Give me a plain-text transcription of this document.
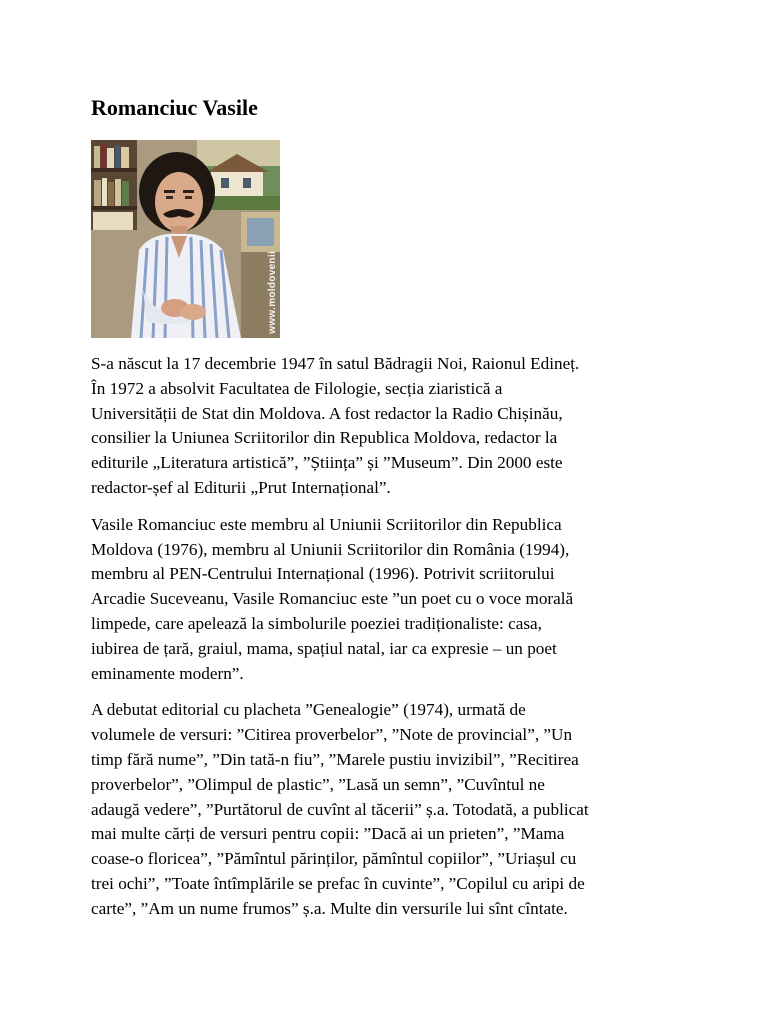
Romanciuc Vasile
www.moldovenii

S-a născut la 17 decembrie 1947 în satul Bădragii Noi, Raionul Edineț.
În 1972 a absolvit Facultatea de Filologie, secția ziaristică a
Universității de Stat din Moldova. A fost redactor la Radio Chișinău,
consilier la Uniunea Scriitorilor din Republica Moldova, redactor la
editurile „Literatura artistică”, ”Știința” și ”Museum”. Din 2000 este
redactor-șef al Editurii „Prut Internațional”.

Vasile Romanciuc este membru al Uniunii Scriitorilor din Republica
Moldova (1976), membru al Uniunii Scriitorilor din România (1994),
membru al PEN-Centrului Internațional (1996). Potrivit scriitorului
Arcadie Suceveanu, Vasile Romanciuc este ”un poet cu o voce morală
limpede, care apelează la simbolurile poeziei tradiționaliste: casa,
iubirea de țară, graiul, mama, spațiul natal, iar ca expresie – un poet
eminamente modern”.

A debutat editorial cu placheta ”Genealogie” (1974), urmată de
volumele de versuri: ”Citirea proverbelor”, ”Note de provincial”, ”Un
timp fără nume”, ”Din tată-n fiu”, ”Marele pustiu invizibil”, ”Recitirea
proverbelor”, ”Olimpul de plastic”, ”Lasă un semn”, ”Cuvîntul ne
adaugă vedere”, ”Purtătorul de cuvînt al tăcerii” ș.a. Totodată, a publicat
mai multe cărți de versuri pentru copii: ”Dacă ai un prieten”, ”Mama
coase-o floricea”, ”Pămîntul părinților, pămîntul copiilor”, ”Uriașul cu
trei ochi”, ”Toate întîmplările se prefac în cuvinte”, ”Copilul cu aripi de
carte”, ”Am un nume frumos” ș.a. Multe din versurile lui sînt cîntate.
